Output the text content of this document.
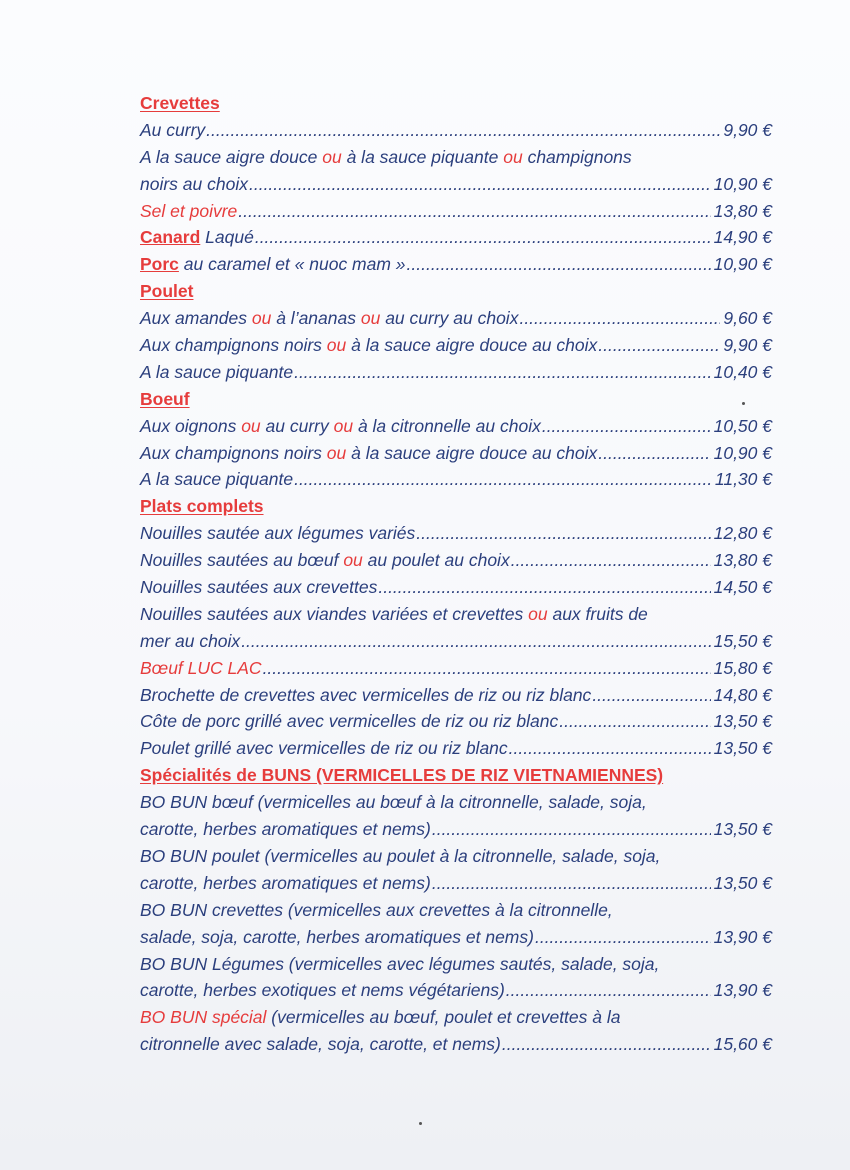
Crevettes
Au curry .....	9,90 €
A la sauce aigre douce ou à la sauce piquante ou champignons
noirs au choix .....	10,90 €
Sel et poivre .....	13,80 €
Canard Laqué .....	14,90 €
Porc au caramel et « nuoc mam » .....	10,90 €
Poulet
Aux amandes ou à l’ananas ou au curry au choix .....	9,60 €
Aux champignons noirs ou à la sauce aigre douce au choix .....	9,90 €
A la sauce piquante .....	10,40 €
Boeuf
Aux oignons ou au curry ou à la citronnelle au choix .....	10,50 €
Aux champignons noirs ou à la sauce aigre douce au choix .....	10,90 €
A la sauce piquante .....	11,30 €
Plats complets
Nouilles sautée aux légumes variés .....	12,80 €
Nouilles sautées au bœuf ou au poulet au choix .....	13,80 €
Nouilles sautées aux crevettes .....	14,50 €
Nouilles sautées aux viandes variées et crevettes ou aux fruits de
mer au choix .....	15,50 €
Bœuf LUC LAC .....	15,80 €
Brochette de crevettes avec vermicelles de riz ou riz blanc .....	14,80 €
Côte de porc grillé avec vermicelles de riz ou riz blanc .....	13,50 €
Poulet grillé avec vermicelles de riz ou riz blanc .....	13,50 €
Spécialités de BUNS (VERMICELLES DE RIZ VIETNAMIENNES)
BO BUN bœuf (vermicelles au bœuf à la citronnelle, salade, soja,
carotte, herbes aromatiques et nems) .....	13,50 €
BO BUN poulet (vermicelles au poulet à la citronnelle, salade, soja,
carotte, herbes aromatiques et nems) .....	13,50 €
BO BUN crevettes (vermicelles aux crevettes à la citronnelle,
salade, soja, carotte, herbes aromatiques et nems) .....	13,90 €
BO BUN Légumes (vermicelles avec légumes sautés, salade, soja,
carotte, herbes exotiques et nems végétariens) .....	13,90 €
BO BUN spécial (vermicelles au bœuf, poulet et crevettes à la
citronnelle avec salade, soja, carotte, et nems) .....	15,60 €
